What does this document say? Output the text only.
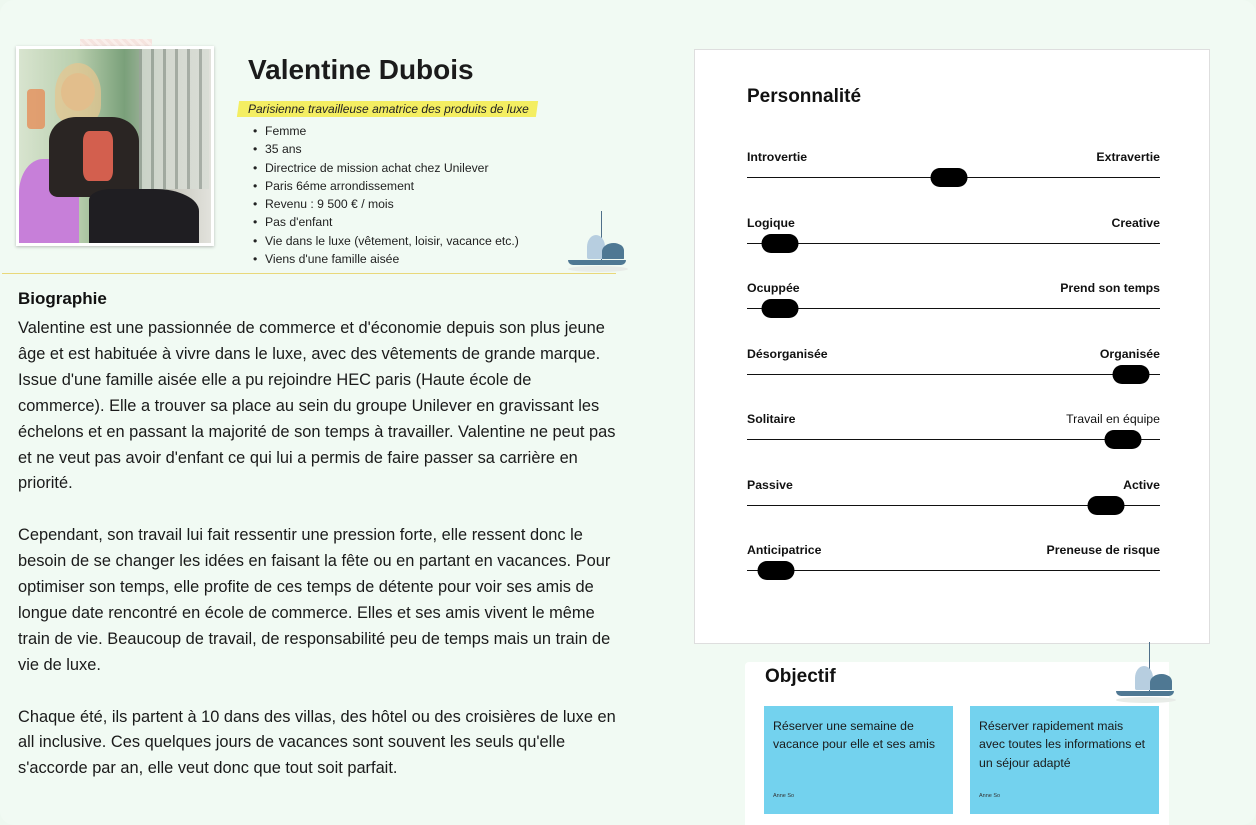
Valentine Dubois
Parisienne travailleuse amatrice des produits de luxe
• Femme
• 35 ans
• Directrice de mission achat chez Unilever
• Paris 6éme arrondissement
• Revenu : 9 500 € / mois
• Pas d'enfant
• Vie dans le luxe (vêtement, loisir, vacance etc.)
• Viens d'une famille aisée
Biographie

Valentine est une passionnée de commerce et d'économie depuis son plus jeune âge et est habituée à vivre dans le luxe, avec des vêtements de grande marque. Issue d'une famille aisée elle a pu rejoindre HEC paris (Haute école de commerce). Elle a trouver sa place au sein du groupe Unilever en gravissant les échelons et en passant la majorité de son temps à travailler. Valentine ne peut pas et ne veut pas avoir d'enfant ce qui lui a permis de faire passer sa carrière en priorité.

Cependant, son travail lui fait ressentir une pression forte, elle ressent donc le besoin de se changer les idées en faisant la fête ou en partant en vacances. Pour optimiser son temps, elle profite de ces temps de détente pour voir ses amis de longue date rencontré en école de commerce. Elles et ses amis vivent le même train de vie. Beaucoup de travail, de responsabilité peu de temps mais un train de vie de luxe.

Chaque été, ils partent à 10 dans des villas, des hôtel ou des croisières de luxe en all inclusive. Ces quelques jours de vacances sont souvent les seuls qu'elle s'accorde par an, elle veut donc que tout soit parfait.

Personnalité
Introvertie	Extravertie
Logique	Creative
Ocuppée	Prend son temps
Désorganisée	Organisée
Solitaire	Travail en équipe
Passive	Active
Anticipatrice	Preneuse de risque
Objectif
Réserver une semaine de vacance pour elle et ses amis
Anne So
Réserver rapidement mais avec toutes les informations et un séjour adapté
Anne So
